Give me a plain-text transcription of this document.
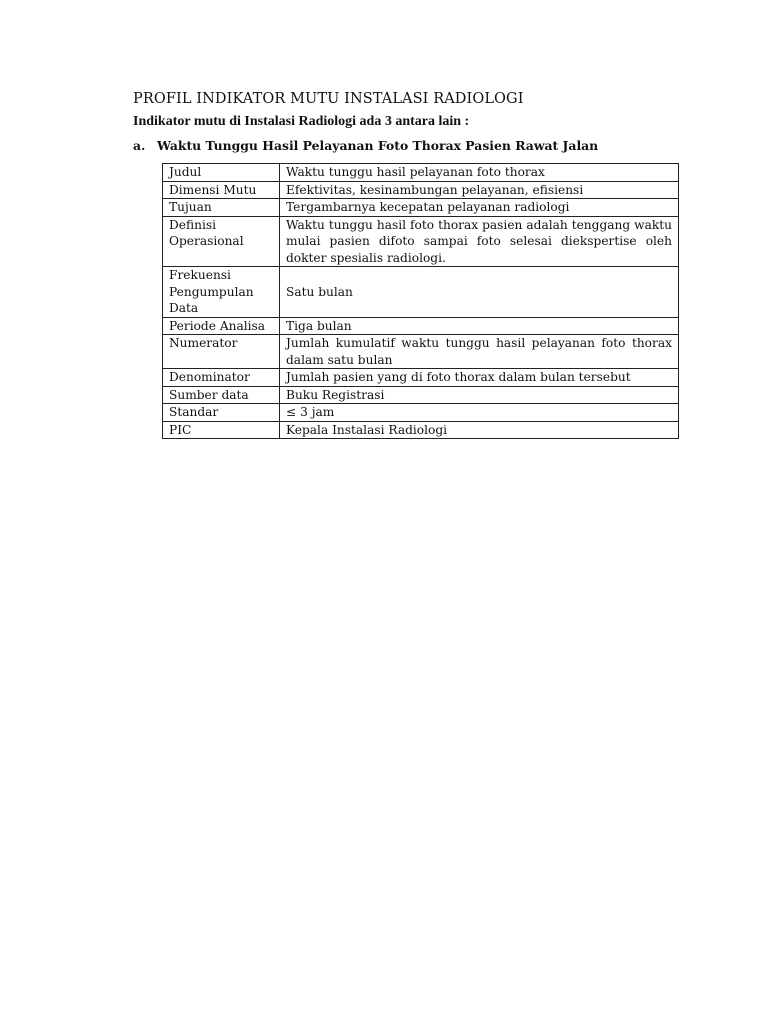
PROFIL INDIKATOR MUTU INSTALASI RADIOLOGI
Indikator mutu di Instalasi Radiologi ada 3 antara lain :
a. Waktu Tunggu Hasil Pelayanan Foto Thorax Pasien Rawat Jalan
Judul	Waktu tunggu hasil pelayanan foto thorax
Dimensi Mutu	Efektivitas, kesinambungan pelayanan, efisiensi
Tujuan	Tergambarnya kecepatan pelayanan radiologi
Definisi Operasional	Waktu tunggu hasil foto thorax pasien adalah tenggang waktu mulai pasien difoto sampai foto selesai diekspertise oleh dokter spesialis radiologi.
Frekuensi Pengumpulan Data	Satu bulan
Periode Analisa	Tiga bulan
Numerator	Jumlah kumulatif waktu tunggu hasil pelayanan foto thorax dalam satu bulan
Denominator	Jumlah pasien yang di foto thorax dalam bulan tersebut
Sumber data	Buku Registrasi
Standar	≤ 3 jam
PIC	Kepala Instalasi Radiologi
